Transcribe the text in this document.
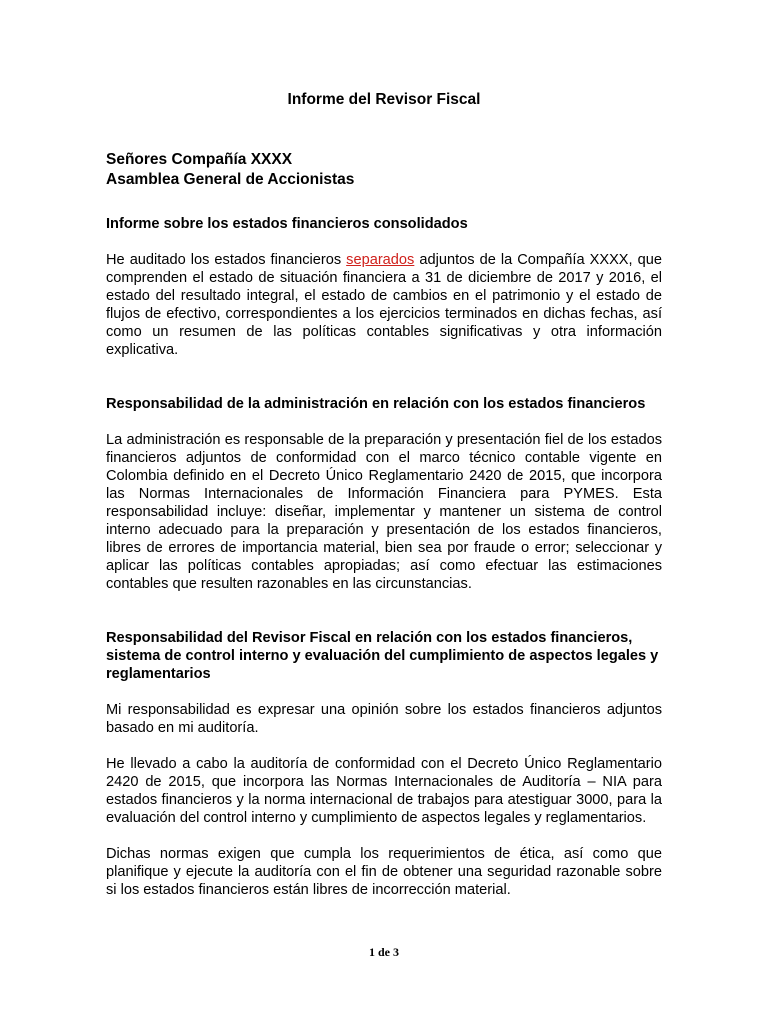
Informe del Revisor Fiscal
Señores Compañía XXXX
Asamblea General de Accionistas
Informe sobre los estados financieros consolidados

He auditado los estados financieros separados adjuntos de la Compañía XXXX, que comprenden el estado de situación financiera a 31 de diciembre de 2017 y 2016, el estado del resultado integral, el estado de cambios en el patrimonio y el estado de flujos de efectivo, correspondientes a los ejercicios terminados en dichas fechas, así como un resumen de las políticas contables significativas y otra información explicativa.

Responsabilidad de la administración en relación con los estados financieros

La administración es responsable de la preparación y presentación fiel de los estados financieros adjuntos de conformidad con el marco técnico contable vigente en Colombia definido en el Decreto Único Reglamentario 2420 de 2015, que incorpora las Normas Internacionales de Información Financiera para PYMES. Esta responsabilidad incluye: diseñar, implementar y mantener un sistema de control interno adecuado para la preparación y presentación de los estados financieros, libres de errores de importancia material, bien sea por fraude o error; seleccionar y aplicar las políticas contables apropiadas; así como efectuar las estimaciones contables que resulten razonables en las circunstancias.

Responsabilidad del Revisor Fiscal en relación con los estados financieros, sistema de control interno y evaluación del cumplimiento de aspectos legales y reglamentarios

Mi responsabilidad es expresar una opinión sobre los estados financieros adjuntos basado en mi auditoría.

He llevado a cabo la auditoría de conformidad con el Decreto Único Reglamentario 2420 de 2015, que incorpora las Normas Internacionales de Auditoría – NIA para estados financieros y la norma internacional de trabajos para atestiguar 3000, para la evaluación del control interno y cumplimiento de aspectos legales y reglamentarios.

Dichas normas exigen que cumpla los requerimientos de ética, así como que planifique y ejecute la auditoría con el fin de obtener una seguridad razonable sobre si los estados financieros están libres de incorrección material.

1 de 3
